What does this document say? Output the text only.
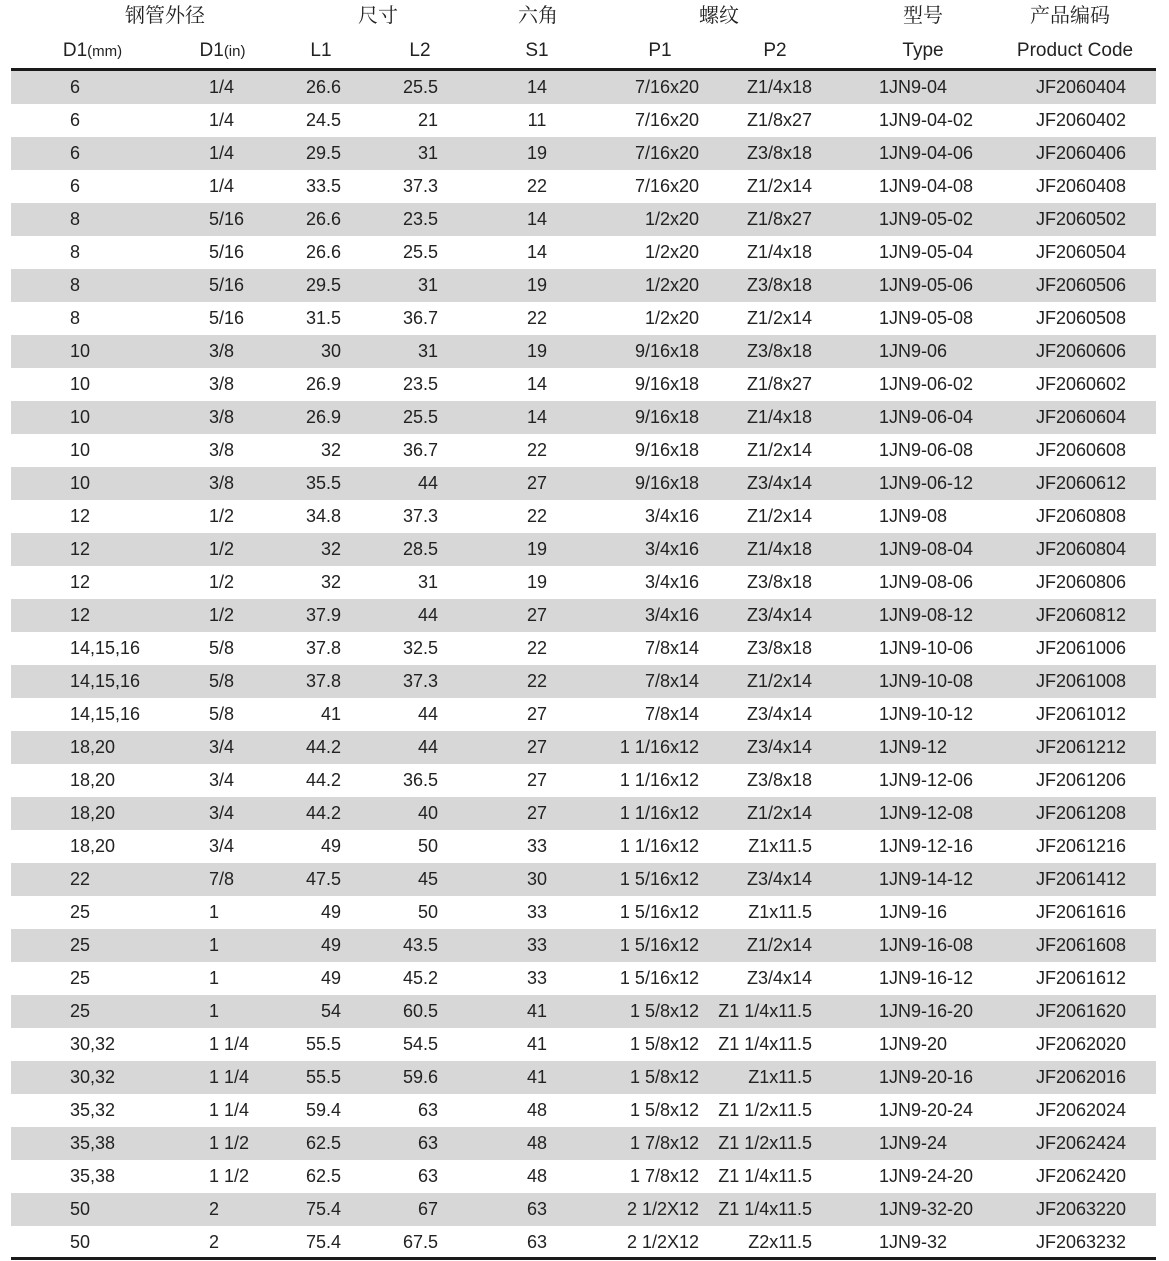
钢管外径	尺寸	六角	螺纹	型号	产品编码
D1(mm)	D1(in)	L1	L2	S1	P1	P2	Type	Product Code
6	1/4	26.6	25.5	14	7/16x20	Z1/4x18	1JN9-04	JF2060404
6	1/4	24.5	21	11	7/16x20	Z1/8x27	1JN9-04-02	JF2060402
6	1/4	29.5	31	19	7/16x20	Z3/8x18	1JN9-04-06	JF2060406
6	1/4	33.5	37.3	22	7/16x20	Z1/2x14	1JN9-04-08	JF2060408
8	5/16	26.6	23.5	14	1/2x20	Z1/8x27	1JN9-05-02	JF2060502
8	5/16	26.6	25.5	14	1/2x20	Z1/4x18	1JN9-05-04	JF2060504
8	5/16	29.5	31	19	1/2x20	Z3/8x18	1JN9-05-06	JF2060506
8	5/16	31.5	36.7	22	1/2x20	Z1/2x14	1JN9-05-08	JF2060508
10	3/8	30	31	19	9/16x18	Z3/8x18	1JN9-06	JF2060606
10	3/8	26.9	23.5	14	9/16x18	Z1/8x27	1JN9-06-02	JF2060602
10	3/8	26.9	25.5	14	9/16x18	Z1/4x18	1JN9-06-04	JF2060604
10	3/8	32	36.7	22	9/16x18	Z1/2x14	1JN9-06-08	JF2060608
10	3/8	35.5	44	27	9/16x18	Z3/4x14	1JN9-06-12	JF2060612
12	1/2	34.8	37.3	22	3/4x16	Z1/2x14	1JN9-08	JF2060808
12	1/2	32	28.5	19	3/4x16	Z1/4x18	1JN9-08-04	JF2060804
12	1/2	32	31	19	3/4x16	Z3/8x18	1JN9-08-06	JF2060806
12	1/2	37.9	44	27	3/4x16	Z3/4x14	1JN9-08-12	JF2060812
14,15,16	5/8	37.8	32.5	22	7/8x14	Z3/8x18	1JN9-10-06	JF2061006
14,15,16	5/8	37.8	37.3	22	7/8x14	Z1/2x14	1JN9-10-08	JF2061008
14,15,16	5/8	41	44	27	7/8x14	Z3/4x14	1JN9-10-12	JF2061012
18,20	3/4	44.2	44	27	1 1/16x12	Z3/4x14	1JN9-12	JF2061212
18,20	3/4	44.2	36.5	27	1 1/16x12	Z3/8x18	1JN9-12-06	JF2061206
18,20	3/4	44.2	40	27	1 1/16x12	Z1/2x14	1JN9-12-08	JF2061208
18,20	3/4	49	50	33	1 1/16x12	Z1x11.5	1JN9-12-16	JF2061216
22	7/8	47.5	45	30	1 5/16x12	Z3/4x14	1JN9-14-12	JF2061412
25	1	49	50	33	1 5/16x12	Z1x11.5	1JN9-16	JF2061616
25	1	49	43.5	33	1 5/16x12	Z1/2x14	1JN9-16-08	JF2061608
25	1	49	45.2	33	1 5/16x12	Z3/4x14	1JN9-16-12	JF2061612
25	1	54	60.5	41	1 5/8x12	Z1 1/4x11.5	1JN9-16-20	JF2061620
30,32	1 1/4	55.5	54.5	41	1 5/8x12	Z1 1/4x11.5	1JN9-20	JF2062020
30,32	1 1/4	55.5	59.6	41	1 5/8x12	Z1x11.5	1JN9-20-16	JF2062016
35,32	1 1/4	59.4	63	48	1 5/8x12	Z1 1/2x11.5	1JN9-20-24	JF2062024
35,38	1 1/2	62.5	63	48	1 7/8x12	Z1 1/2x11.5	1JN9-24	JF2062424
35,38	1 1/2	62.5	63	48	1 7/8x12	Z1 1/4x11.5	1JN9-24-20	JF2062420
50	2	75.4	67	63	2 1/2X12	Z1 1/4x11.5	1JN9-32-20	JF2063220
50	2	75.4	67.5	63	2 1/2X12	Z2x11.5	1JN9-32	JF2063232
